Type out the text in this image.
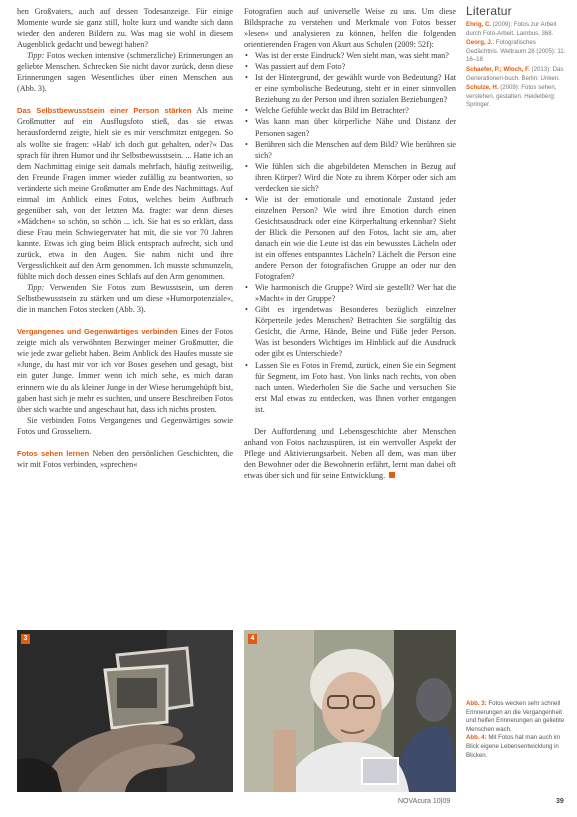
hen Großvaters, auch auf dessen Todesanzeige. Für einige Momente wurde sie ganz still, holte kurz und wandte sich dann wieder den anderen Bildern zu. Was mag sie wohl in diesem Augenblick gedacht und bewegt haben?

Tipp: Fotos wecken intensive (schmerzliche) Erinnerungen an geliebte Menschen. Schrecken Sie nicht davor zurück, denn diese Erinnerungen sagen Wesentliches über einen Menschen aus (Abb. 3).

Das Selbstbewusstsein einer Person stärken Als meine Großmutter auf ein Ausflugsfoto stieß, das sie etwas herausfordernd zeigte, hielt sie es mir verschmitzt entgegen. So als wollte sie fragen: »Hab' ich doch gut gehalten, oder?« Das sprach für ihren Humor und ihr Selbstbewusstsein. ... Hatte ich an dem Nachmittag einige seit damals mehrfach, häufig zeitweilig, den Freunde Fragen immer wieder zufällig zu beantworten, so veränderte sich meine Großmutter am Ende des Nachmittags. Auf einmal im Anblick eines Fotos, welches beim Aufbruch gegenüber sah, von der letzten Ma. fragte: war denn dieses »Mädchen« so schön, so schön ... ich. Sie hat es so erklärt, dass diese Frau mein Schwiegervater hat mit, die sie vor 70 Jahren kannte. Etwas ich ging beim Blick entsprach aufrecht, sich und zurück, etwa in den Augen. Sie nahm nicht und ihre Vergesslichkeit auf den Arm genommen. Ich musste schmunzeln, fühlte mich doch dessen eines Schlafs auf den Arm genommen.

Tipp: Verwenden Sie Fotos zum Bewusstsein, um deren Selbstbewusstsein zu stärken und um diese »Humorpotenziale«, die in manchen Fotos stecken (Abb. 3).

Vergangenes und Gegenwärtiges verbinden Eines der Fotos zeigte mich als verwöhnten Bezwinger meiner Großmutter, die wie jede zwar geliebt haben. Beim Anblick des Haufes musste sie »Junge, du hast mir vor ich vor Boses gesehen und gesagt, bist ein guter Junge. Immer wenn ich mich sehe, es mich daran erinnern wie du als kleiner Junge in der Wiese herumgehüpft bist, gaben hast sich je mehr es suchten, und unsere Beschreiben Fotos über sich wachte und angeschaut hat, dass ich nichts prosten.

Sie verbinden Fotos Vergangenes und Gegenwärtiges sowie Fotos und Grosseltern.

Fotos sehen lernen Neben den persönlichen Geschichten, die wir mit Fotos verbinden, »sprechen«

Fotografien auch auf universelle Weise zu uns. Um diese Bildsprache zu verstehen und Merkmale von Fotos besser »lesen« und analysieren zu können, helfen die folgenden orientierenden Fragen von Akurt aus Schulen (2009: 52f):

• Was ist der erste Eindruck? Wen sieht man, was sieht man?
• Was passiert auf dem Foto?
• Ist der Hintergrund, der gewählt wurde von Bedeutung? Hat er eine symbolische Bedeutung, steht er in einer sinnvollen Beziehung zu der Person und ihren sozialen Beziehungen?
• Welche Gefühle weckt das Bild im Betrachter?
• Was kann man über körperliche Nähe und Distanz der Personen sagen?
• Berühren sich die Menschen auf dem Bild? Wie berühren sie sich?
• Wie fühlen sich die abgebildeten Menschen in Bezug auf ihren Körper? Wird die Note zu ihrem Körper oder sich am verdecken sie sich?
• Wie ist der emotionale und emotionale Zustand jeder einzelnen Person? Wie wird ihre Emotion durch einen Gesichtsausdruck oder eine Körperhaltung erkennbar? Sieht der Blick die Personen auf den Fotos, lacht sie am, aber danach ein wie die Leute ist das ein bewusstes Lächeln oder ist ein offenes entspanntes Lächeln? Lächelt die Person eine andere Person der fotografischen Gruppe an oder nur den Fotografen?
• Wie harmonisch die Gruppe? Wird sie gestellt? Wer hat die »Macht« in der Gruppe?
• Gibt es irgendetwas Besonderes bezüglich einzelner Körperteile jedes Menschen? Betrachten Sie sorgfältig das Gesicht, die Arme, Hände, Beine und Füße jeder Person. Was ist besonders Wichtiges im Hinblick auf die Ausdruck oder gibt es Unterschiede?
• Lassen Sie es Fotos in Fremd, zurück, einen Sie ein Segment für Segment, im Foto hast. Von links nach rechts, von oben nach unten. Wiederholen Sie die Sache und versuchen Sie erst Mal etwas zu entdecken, was Ihnen vorher entgangen ist.

Der Aufforderung und Lebensgeschichte aber Menschen anhand von Fotos nachzuspüren, ist ein wertvoller Aspekt der Pflege und Aktivierungsarbeit. Neben all dem, was man über den Bewohner oder die Bewohnerin erfährt, lernt man dabei oft etwas über sich und für seine Entwicklung.

Literatur
Ehrig, C. (2009): Fotos zur Arbeit durch Foto-Arbeit. Lambus, 368.
Georg, J.: Fotografisches Gedächtnis. Weltraum 28 (2005): 11: 16–18
Schaefer, P.; Wloch, F. (2013): Das Generationen-buch. Berlin: Unken.
Schulze, H. (2009): Fotos sehen, verstehen, gestalten. Heidelberg: Springer.
3	4
Abb. 3: Fotos wecken sehr schnell Erinnerungen an die Vergangenheit und helfen Erinnerungen an geliebte Menschen wach.
Abb. 4: Mit Fotos hat man auch im Blick eigene Lebensentwicklung in Blicken.
NOVAcura 10|09	39
